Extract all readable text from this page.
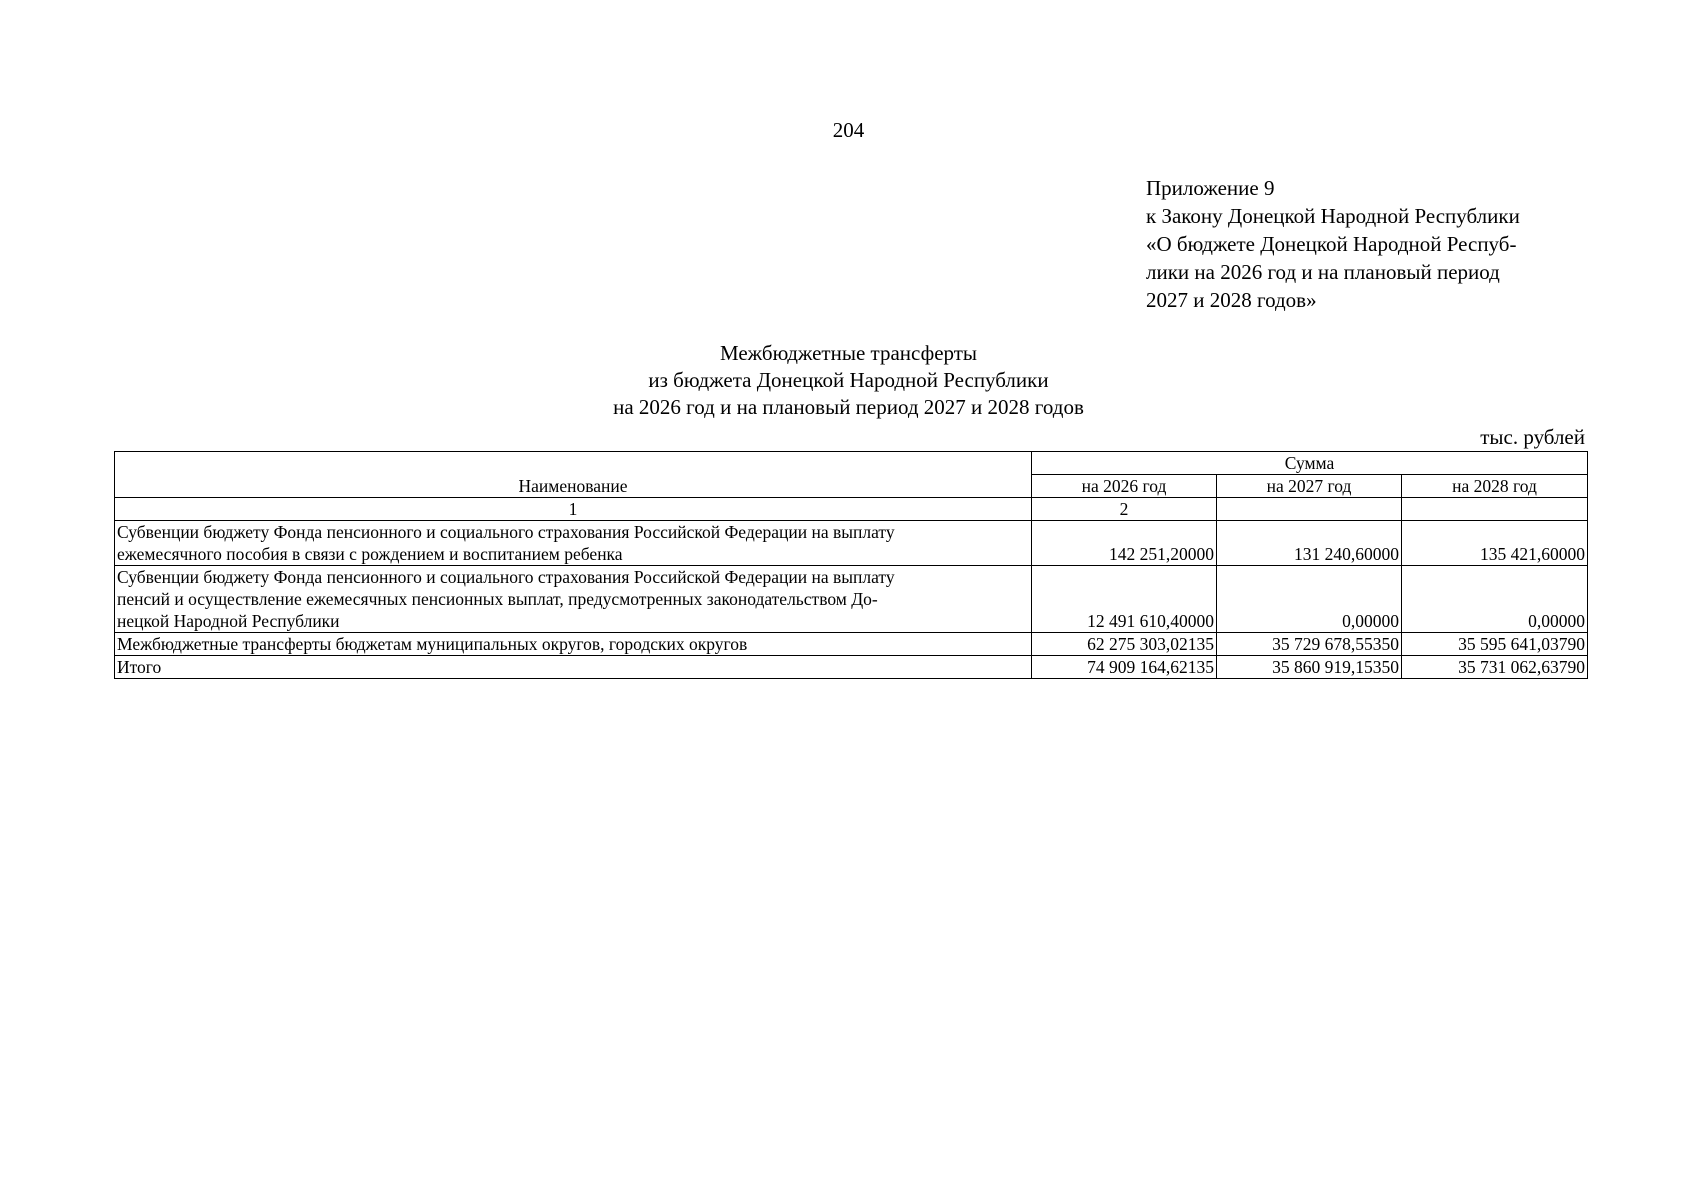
204
Приложение 9
к Закону Донецкой Народной Республики
«О бюджете Донецкой Народной Респуб-
лики на 2026 год и на плановый период
2027 и 2028 годов»
Межбюджетные трансферты
из бюджета Донецкой Народной Республики
на 2026 год и на плановый период 2027 и 2028 годов
тыс. рублей
Наименование	Сумма		
	на 2026 год	на 2027 год	на 2028 год
1	2		

Субвенции бюджету Фонда пенсионного и социального страхования Российской Федерации на выплату
ежемесячного пособия в связи с рождением и воспитанием ребенка	142 251,20000	131 240,60000	135 421,60000

Субвенции бюджету Фонда пенсионного и социального страхования Российской Федерации на выплату
пенсий и осуществление ежемесячных пенсионных выплат, предусмотренных законодательством До-
нецкой Народной Республики	12 491 610,40000	0,00000	0,00000

Межбюджетные трансферты бюджетам муниципальных округов, городских округов	62 275 303,02135	35 729 678,55350	35 595 641,03790

Итого	74 909 164,62135	35 860 919,15350	35 731 062,63790
